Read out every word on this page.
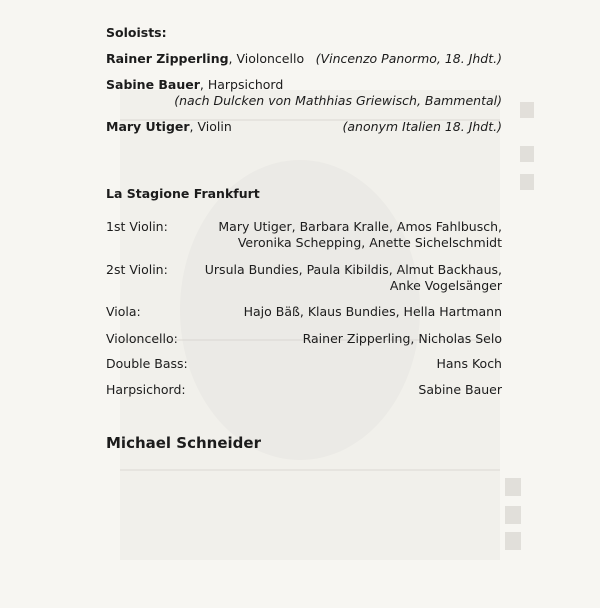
Soloists:
Rainer Zipperling, Violoncello (Vincenzo Panormo, 18. Jhdt.)
Sabine Bauer, Harpsichord
(nach Dulcken von Mathhias Griewisch, Bammental)
Mary Utiger, Violin	(anonym Italien 18. Jhdt.)
La Stagione Frankfurt
1st Violin:	Mary Utiger, Barbara Kralle, Amos Fahlbusch,
Veronika Schepping, Anette Sichelschmidt
2st Violin:	Ursula Bundies, Paula Kibildis, Almut Backhaus,
Anke Vogelsänger
Viola:	Hajo Bäß, Klaus Bundies, Hella Hartmann
Violoncello:	Rainer Zipperling, Nicholas Selo
Double Bass:	Hans Koch
Harpsichord:	Sabine Bauer
Michael Schneider
